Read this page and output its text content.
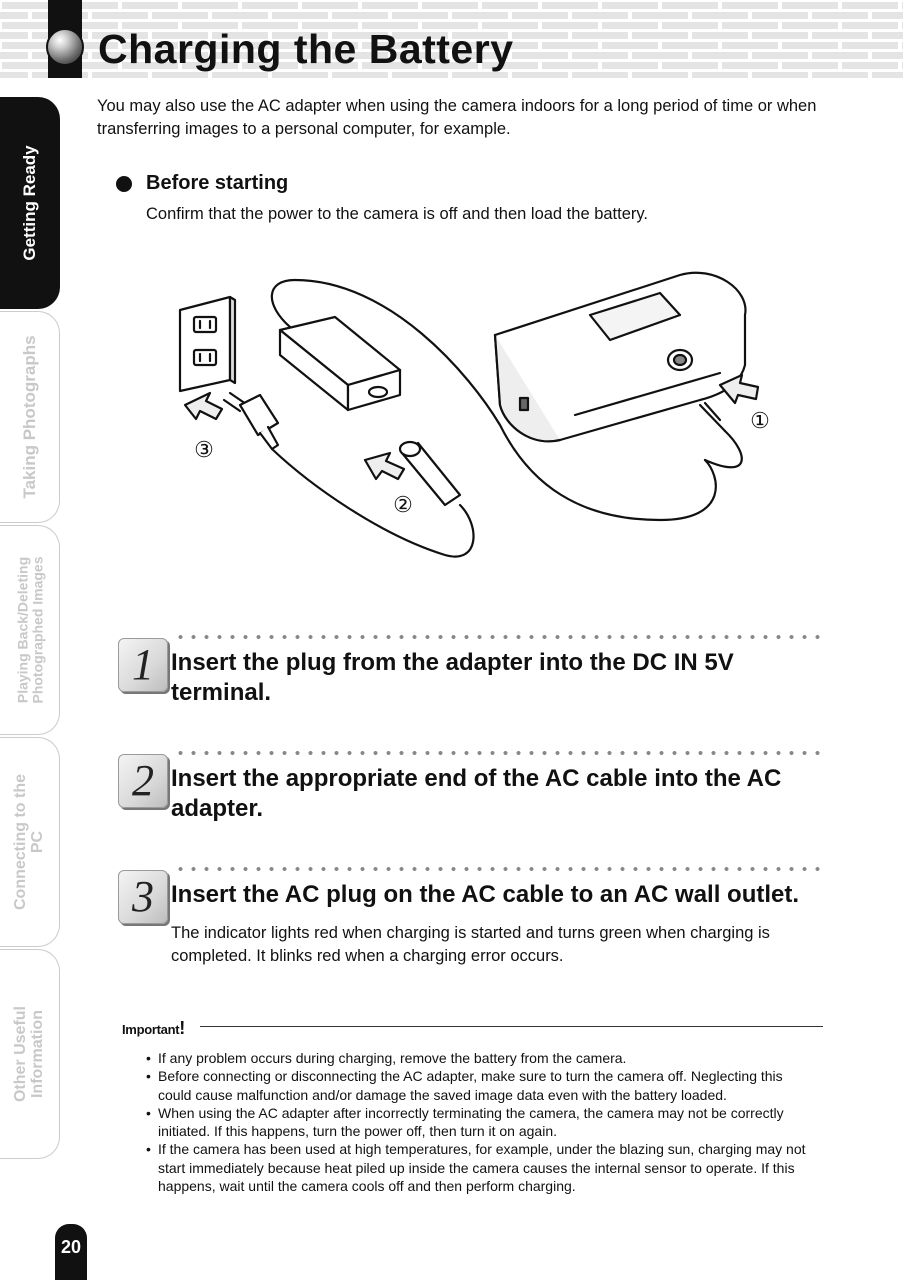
Charging the Battery
Getting Ready
Taking Photographs
Playing Back/Deleting
Photographed Images
Connecting to the
PC
Other Useful
Information
You may also use the AC adapter when using the camera indoors for a long period of time or when transferring images to a personal computer, for example.
Before starting
Confirm that the power to the camera is off and then load the battery.
①
②
③
1 Insert the plug from the adapter into the DC IN 5V terminal.
2 Insert the appropriate end of the AC cable into the AC adapter.
3 Insert the AC plug on the AC cable to an AC wall outlet.
The indicator lights red when charging is started and turns green when charging is completed. It blinks red when a charging error occurs.
Important!
• If any problem occurs during charging, remove the battery from the camera.
• Before connecting or disconnecting the AC adapter, make sure to turn the camera off. Neglecting this could cause malfunction and/or damage the saved image data even with the battery loaded.
• When using the AC adapter after incorrectly terminating the camera, the camera may not be correctly initiated. If this happens, turn the power off, then turn it on again.
• If the camera has been used at high temperatures, for example, under the blazing sun, charging may not start immediately because heat piled up inside the camera causes the internal sensor to operate. If this happens, wait until the camera cools off and then perform charging.
20
